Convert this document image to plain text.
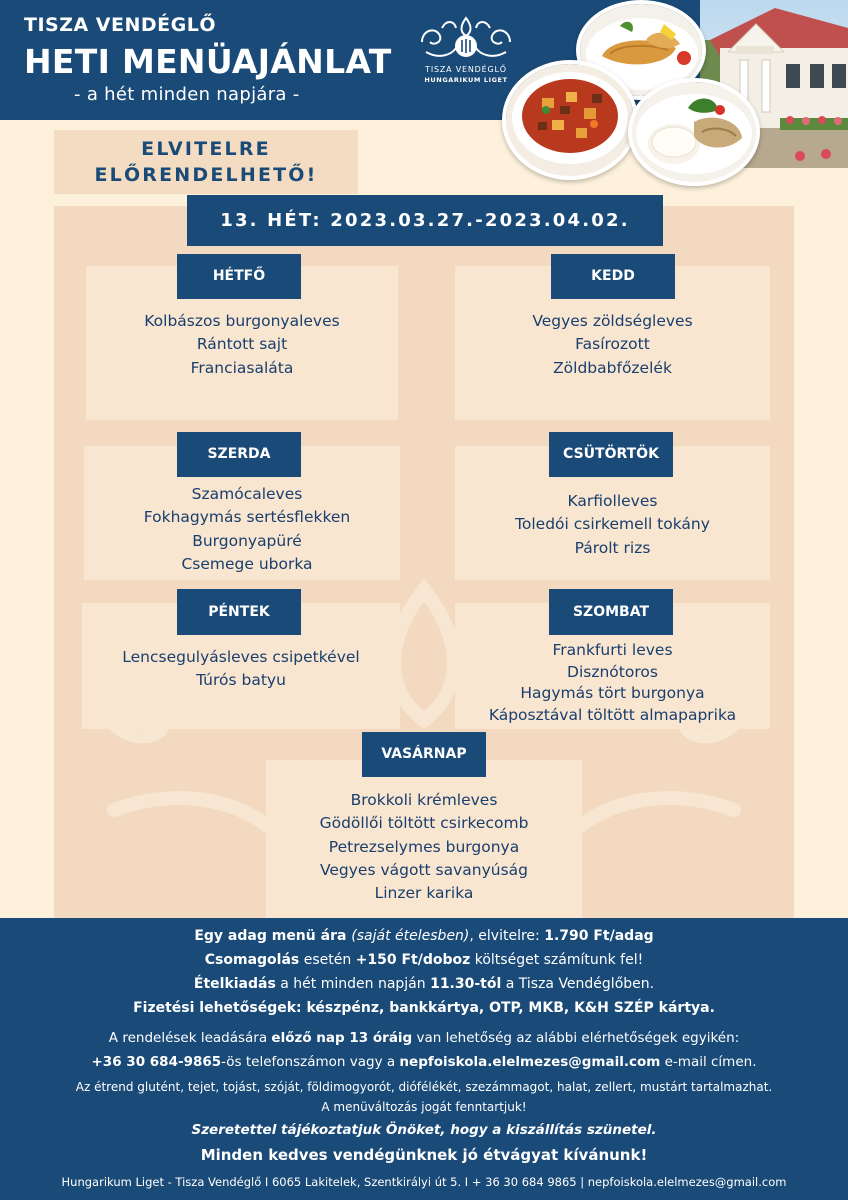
TISZA VENDÉGLŐ
HETI MENÜAJÁNLAT
- a hét minden napjára -
TISZA VENDÉGLŐ
HUNGARIKUM LIGET
ELVITELRE
ELŐRENDELHETŐ!
13. HÉT: 2023.03.27.-2023.04.02.
HÉTFŐ
Kolbászos burgonyaleves
Rántott sajt
Franciasaláta
KEDD
Vegyes zöldségleves
Fasírozott
Zöldbabfőzelék
SZERDA
Szamócaleves
Fokhagymás sertésflekken
Burgonyapüré
Csemege uborka
CSÜTÖRTÖK
Karfiolleves
Toledói csirkemell tokány
Párolt rizs
PÉNTEK
Lencsegulyásleves csipetkével
Túrós batyu
SZOMBAT
Frankfurti leves
Disznótoros
Hagymás tört burgonya
Káposztával töltött almapaprika
VASÁRNAP
Brokkoli krémleves
Gödöllői töltött csirkecomb
Petrezselymes burgonya
Vegyes vágott savanyúság
Linzer karika
Egy adag menü ára (saját ételesben), elvitelre: 1.790 Ft/adag
Csomagolás esetén +150 Ft/doboz költséget számítunk fel!
Ételkiadás a hét minden napján 11.30-tól a Tisza Vendéglőben.
Fizetési lehetőségek: készpénz, bankkártya, OTP, MKB, K&H SZÉP kártya.
A rendelések leadására előző nap 13 óráig van lehetőség az alábbi elérhetőségek egyikén:
+36 30 684-9865-ös telefonszámon vagy a nepfoiskola.elelmezes@gmail.com e-mail címen.
Az étrend glutént, tejet, tojást, szóját, földimogyorót, diófélékét, szezámmagot, halat, zellert, mustárt tartalmazhat.
A menüváltozás jogát fenntartjuk!
Szeretettel tájékoztatjuk Önöket, hogy a kiszállítás szünetel.
Minden kedves vendégünknek jó étvágyat kívánunk!
Hungarikum Liget - Tisza Vendéglő I 6065 Lakitelek, Szentkirályi út 5. I + 36 30 684 9865 | nepfoiskola.elelmezes@gmail.com
